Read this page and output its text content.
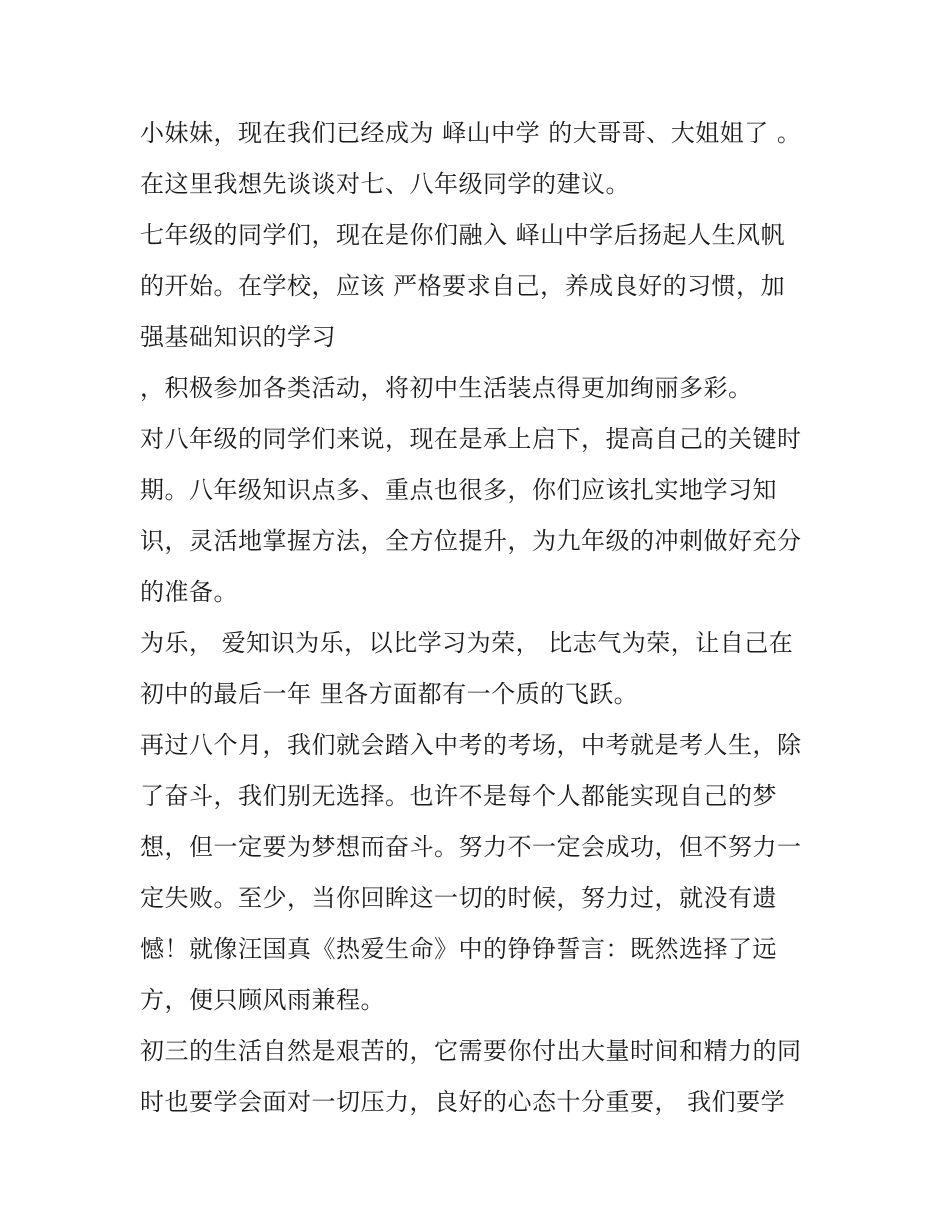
小妹妹，现在我们已经成为 峄山中学 的大哥哥、大姐姐了 。
在这里我想先谈谈对七、八年级同学的建议。
七年级的同学们，现在是你们融入 峄山中学后扬起人生风帆
的开始。在学校，应该 严格要求自己，养成良好的习惯，加
强基础知识的学习
，积极参加各类活动，将初中生活装点得更加绚丽多彩。
对八年级的同学们来说，现在是承上启下，提高自己的关键时
期。八年级知识点多、重点也很多，你们应该扎实地学习知
识，灵活地掌握方法，全方位提升，为九年级的冲刺做好充分
的准备。
为乐， 爱知识为乐，以比学习为荣， 比志气为荣，让自己在
初中的最后一年 里各方面都有一个质的飞跃。
再过八个月，我们就会踏入中考的考场，中考就是考人生，除
了奋斗，我们别无选择。也许不是每个人都能实现自己的梦
想，但一定要为梦想而奋斗。努力不一定会成功，但不努力一
定失败。至少，当你回眸这一切的时候，努力过，就没有遗
憾！就像汪国真《热爱生命》中的铮铮誓言：既然选择了远
方，便只顾风雨兼程。
初三的生活自然是艰苦的，它需要你付出大量时间和精力的同
时也要学会面对一切压力，良好的心态十分重要， 我们要学
